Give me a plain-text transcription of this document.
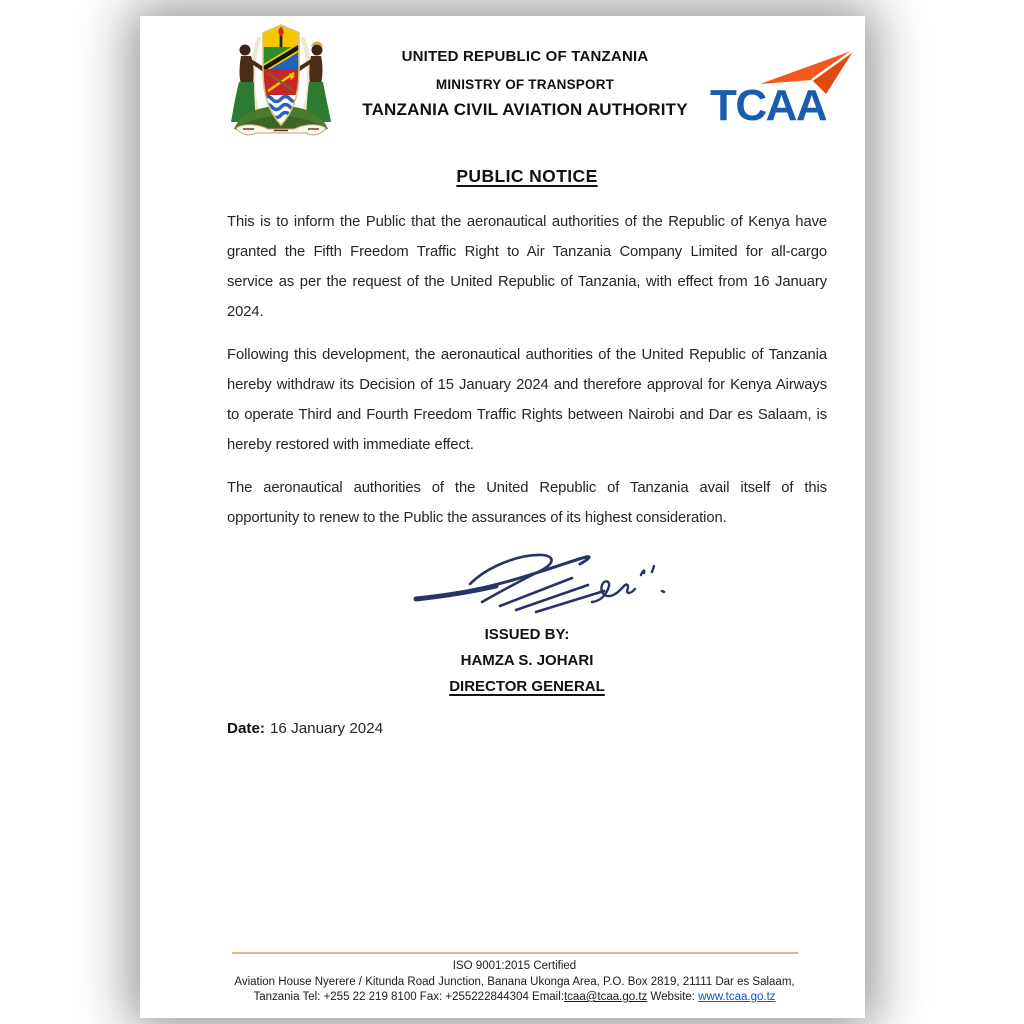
UNITED REPUBLIC OF TANZANIA
MINISTRY OF TRANSPORT
TANZANIA CIVIL AVIATION AUTHORITY TCAA
PUBLIC NOTICE
This is to inform the Public that the aeronautical authorities of the Republic of Kenya have
granted the Fifth Freedom Traffic Right to Air Tanzania Company Limited for all-cargo
service as per the request of the United Republic of Tanzania, with effect from 16 January
2024.
Following this development, the aeronautical authorities of the United Republic of Tanzania
hereby withdraw its Decision of 15 January 2024 and therefore approval for Kenya Airways
to operate Third and Fourth Freedom Traffic Rights between Nairobi and Dar es Salaam, is
hereby restored with immediate effect.
The aeronautical authorities of the United Republic of Tanzania avail itself of this
opportunity to renew to the Public the assurances of its highest consideration.
ISSUED BY:
HAMZA S. JOHARI
DIRECTOR GENERAL
Date: 16 January 2024
ISO 9001:2015 Certified
Aviation House Nyerere / Kitunda Road Junction, Banana Ukonga Area, P.O. Box 2819, 21111 Dar es Salaam,
Tanzania Tel: +255 22 219 8100 Fax: +255222844304 Email:tcaa@tcaa.go.tz Website: www.tcaa.go.tz
